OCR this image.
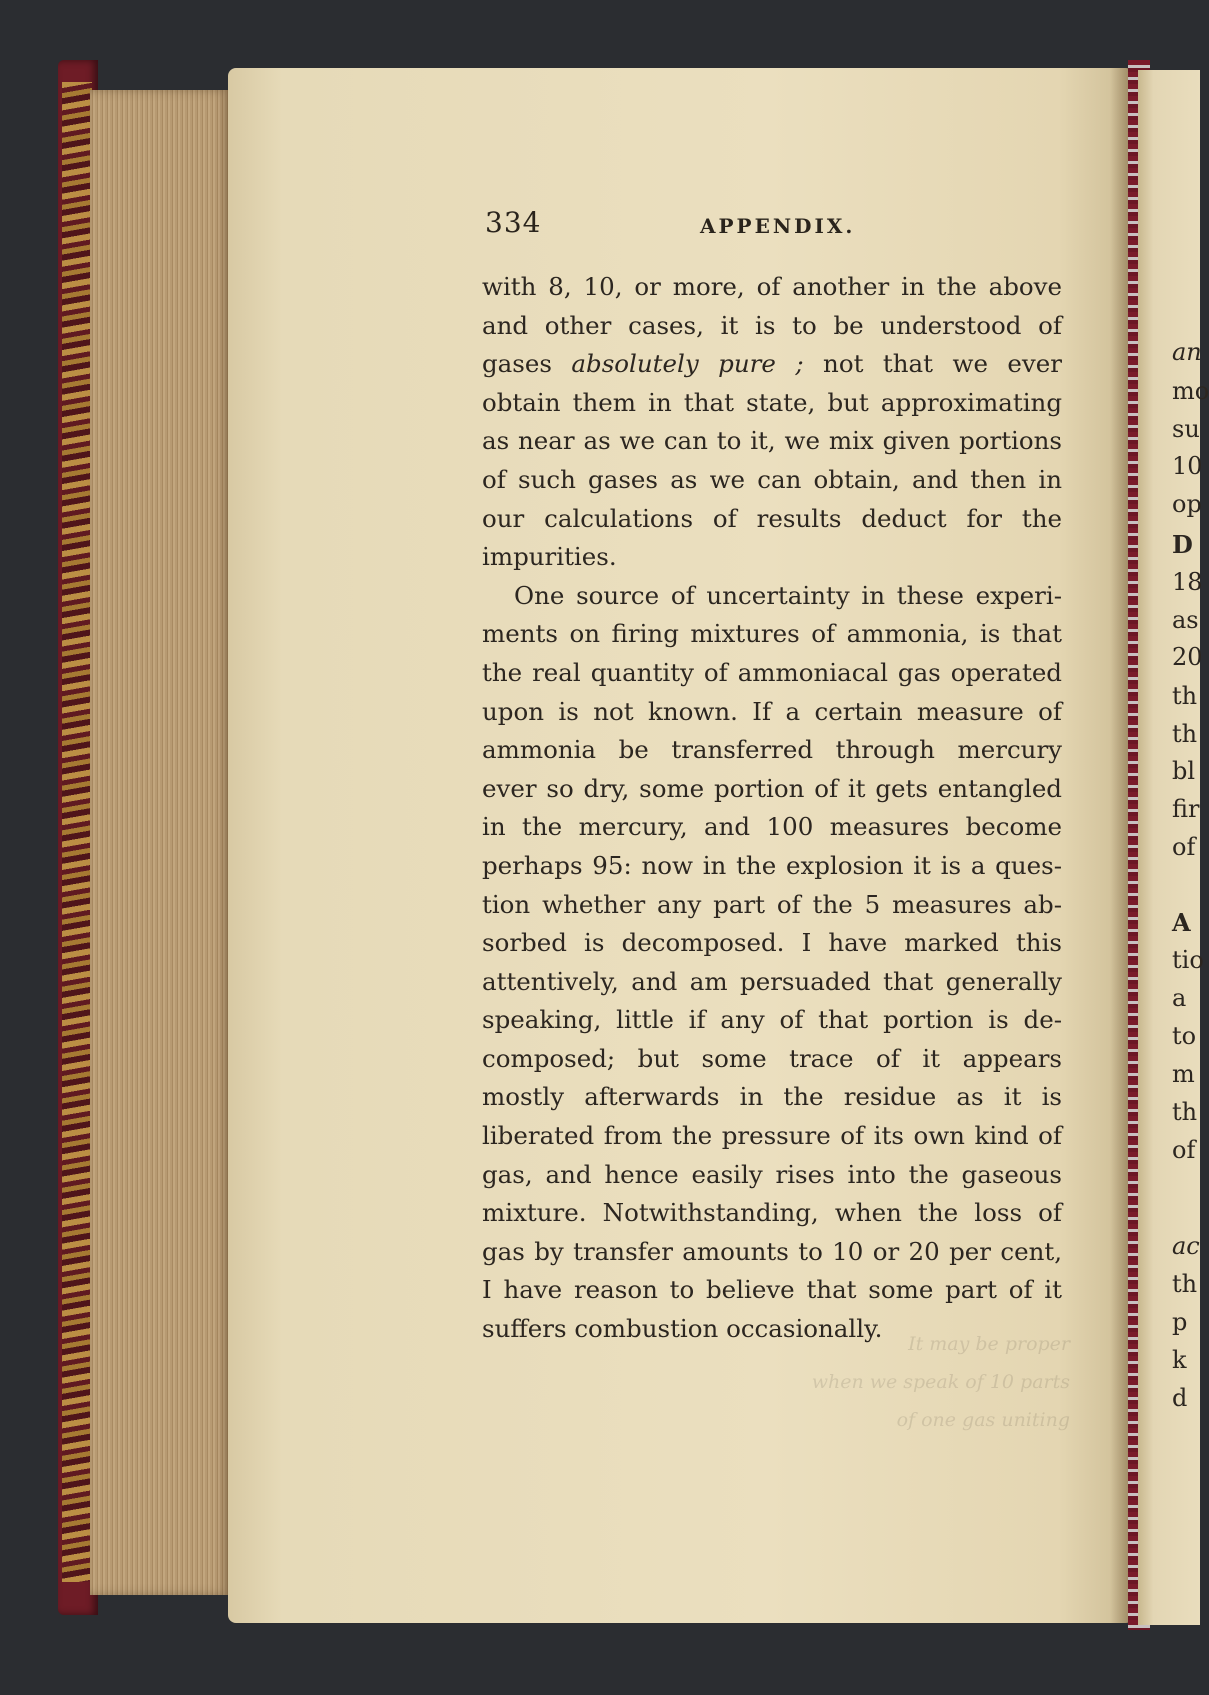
334	APPENDIX.

with 8, 10, or more, of another in the above and other cases, it is to be understood of gases absolutely pure ; not that we ever obtain them in that state, but approximating as near as we can to it, we mix given portions of such gases as we can obtain, and then in our calculations of results deduct for the impurities.

One source of uncertainty in these experiments on firing mixtures of ammonia, is that the real quantity of ammoniacal gas operated upon is not known. If a certain measure of ammonia be transferred through mercury ever so dry, some portion of it gets entangled in the mercury, and 100 measures become perhaps 95: now in the explosion it is a question whether any part of the 5 measures absorbed is decomposed. I have marked this attentively, and am persuaded that generally speaking, little if any of that portion is decomposed; but some trace of it appears mostly afterwards in the residue as it is liberated from the pressure of its own kind of gas, and hence easily rises into the gaseous mixture. Notwithstanding, when the loss of gas by transfer amounts to 10 or 20 per cent, I have reason to believe that some part of it suffers combustion occasionally.

It may be proper
when we speak of 10 parts of one gas uniting
an
mo
su
10
op
D
18
as
20
th
th
bl
fir
of
A
tio
a
to
m
th
of
ac
th
p
k
d
